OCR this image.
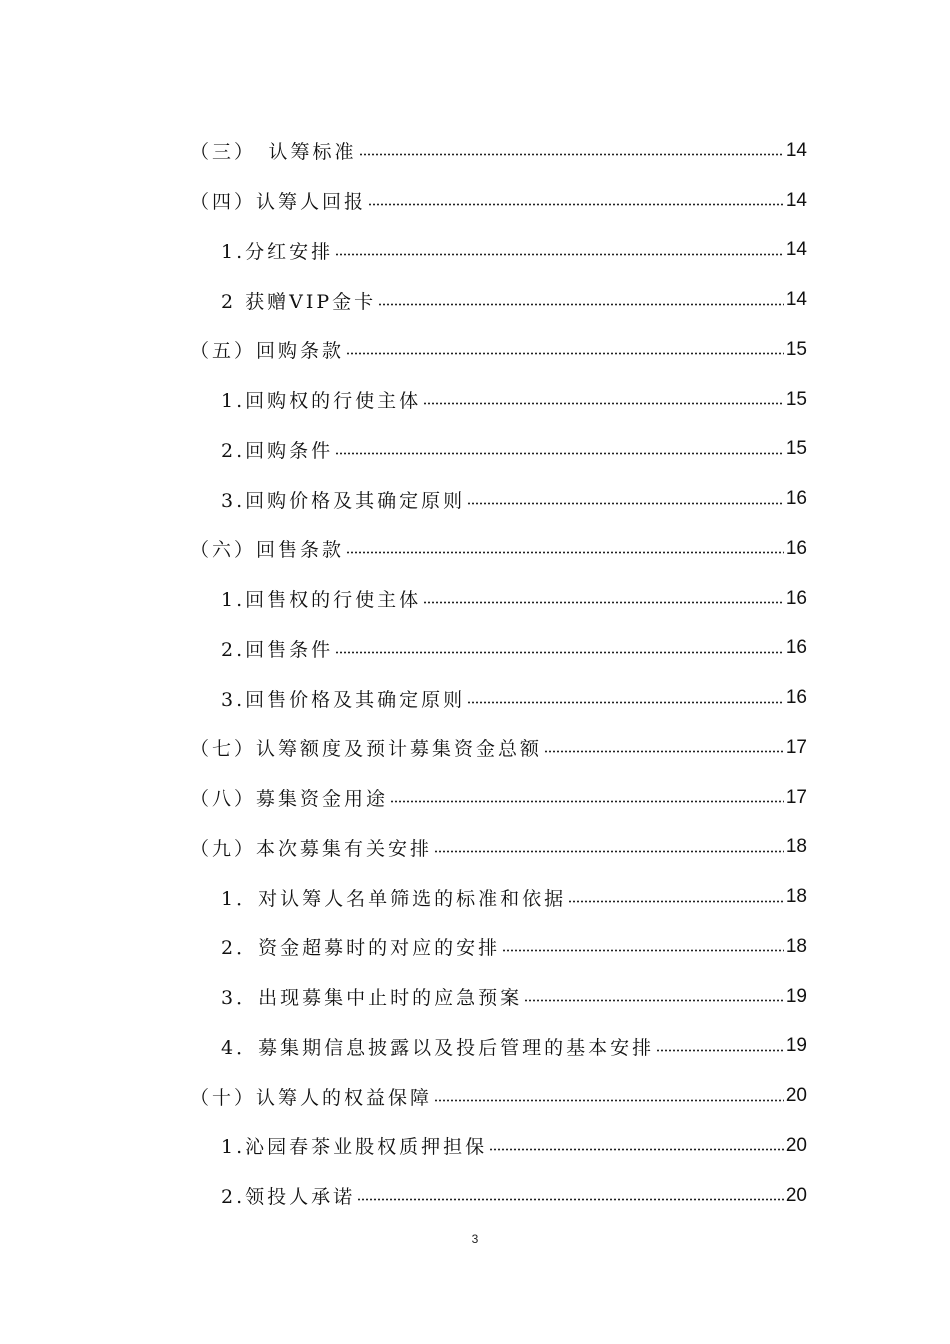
（三）　认筹标准	14
（四）认筹人回报	14
1.分红安排	14
2 获赠VIP金卡	14
（五）回购条款	15
1.回购权的行使主体	15
2.回购条件	15
3.回购价格及其确定原则	16
（六）回售条款	16
1.回售权的行使主体	16
2.回售条件	16
3.回售价格及其确定原则	16
（七）认筹额度及预计募集资金总额	17
（八）募集资金用途	17
（九）本次募集有关安排	18
1．对认筹人名单筛选的标准和依据	18
2．资金超募时的对应的安排	18
3．出现募集中止时的应急预案	19
4．募集期信息披露以及投后管理的基本安排	19
（十）认筹人的权益保障	20
1.沁园春茶业股权质押担保	20
2.领投人承诺	20
3
